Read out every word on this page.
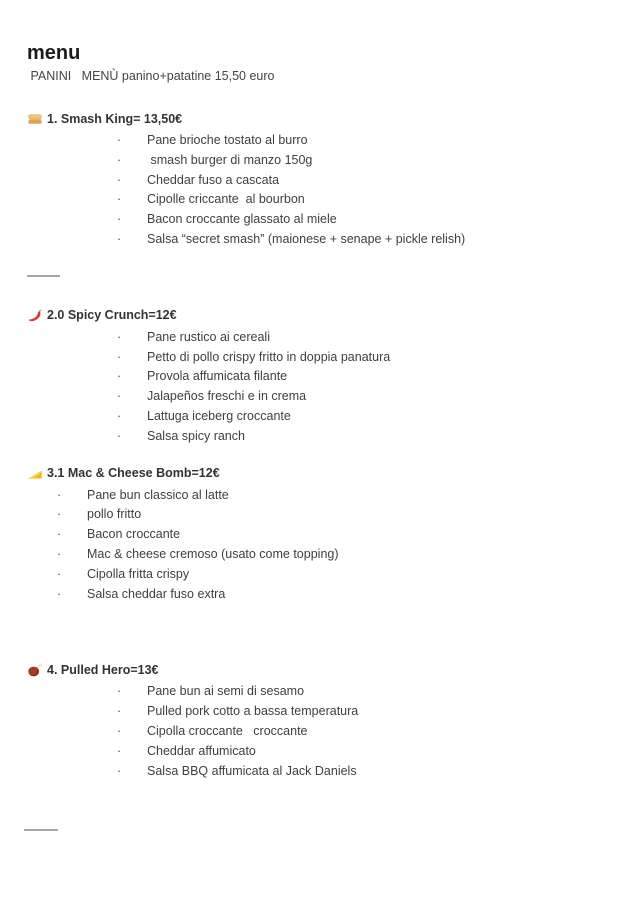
menu
PANINI   MENÙ panino+patatine 15,50 euro
1. Smash King= 13,50€
·	Pane brioche tostato al burro
·	smash burger di manzo 150g
·	Cheddar fuso a cascata
·	Cipolle criccante  al bourbon
·	Bacon croccante glassato al miele
·	Salsa “secret smash” (maionese + senape + pickle relish)
2.0 Spicy Crunch=12€
·	Pane rustico ai cereali
·	Petto di pollo crispy fritto in doppia panatura
·	Provola affumicata filante
·	Jalapeños freschi e in crema
·	Lattuga iceberg croccante
·	Salsa spicy ranch
3.1 Mac & Cheese Bomb=12€
·	Pane bun classico al latte
·	pollo fritto
·	Bacon croccante
·	Mac & cheese cremoso (usato come topping)
·	Cipolla fritta crispy
·	Salsa cheddar fuso extra
4. Pulled Hero=13€
·	Pane bun ai semi di sesamo
·	Pulled pork cotto a bassa temperatura
·	Cipolla croccante   croccante
·	Cheddar affumicato
·	Salsa BBQ affumicata al Jack Daniels
